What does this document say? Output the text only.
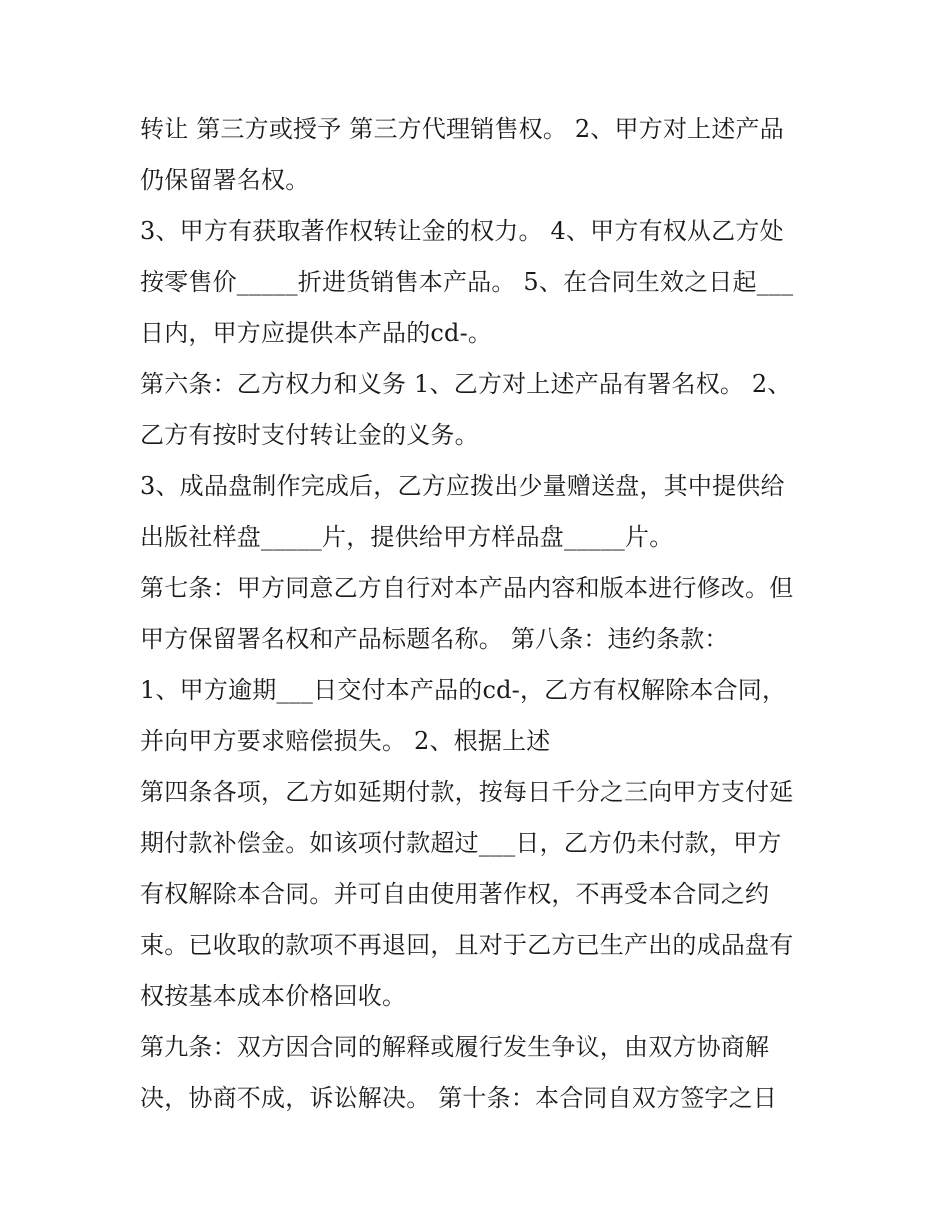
转让 第三方或授予 第三方代理销售权。 2、甲方对上述产品
仍保留署名权。
3、甲方有获取著作权转让金的权力。 4、甲方有权从乙方处
按零售价_____折进货销售本产品。 5、在合同生效之日起___
日内，甲方应提供本产品的cd-。
第六条：乙方权力和义务 1、乙方对上述产品有署名权。 2、
乙方有按时支付转让金的义务。
3、成品盘制作完成后，乙方应拨出少量赠送盘，其中提供给
出版社样盘_____片，提供给甲方样品盘_____片。
第七条：甲方同意乙方自行对本产品内容和版本进行修改。但
甲方保留署名权和产品标题名称。 第八条：违约条款：
1、甲方逾期___日交付本产品的cd-，乙方有权解除本合同，
并向甲方要求赔偿损失。 2、根据上述
第四条各项，乙方如延期付款，按每日千分之三向甲方支付延
期付款补偿金。如该项付款超过___日，乙方仍未付款，甲方
有权解除本合同。并可自由使用著作权，不再受本合同之约
束。已收取的款项不再退回，且对于乙方已生产出的成品盘有
权按基本成本价格回收。
第九条：双方因合同的解释或履行发生争议，由双方协商解
决，协商不成，诉讼解决。 第十条：本合同自双方签字之日
